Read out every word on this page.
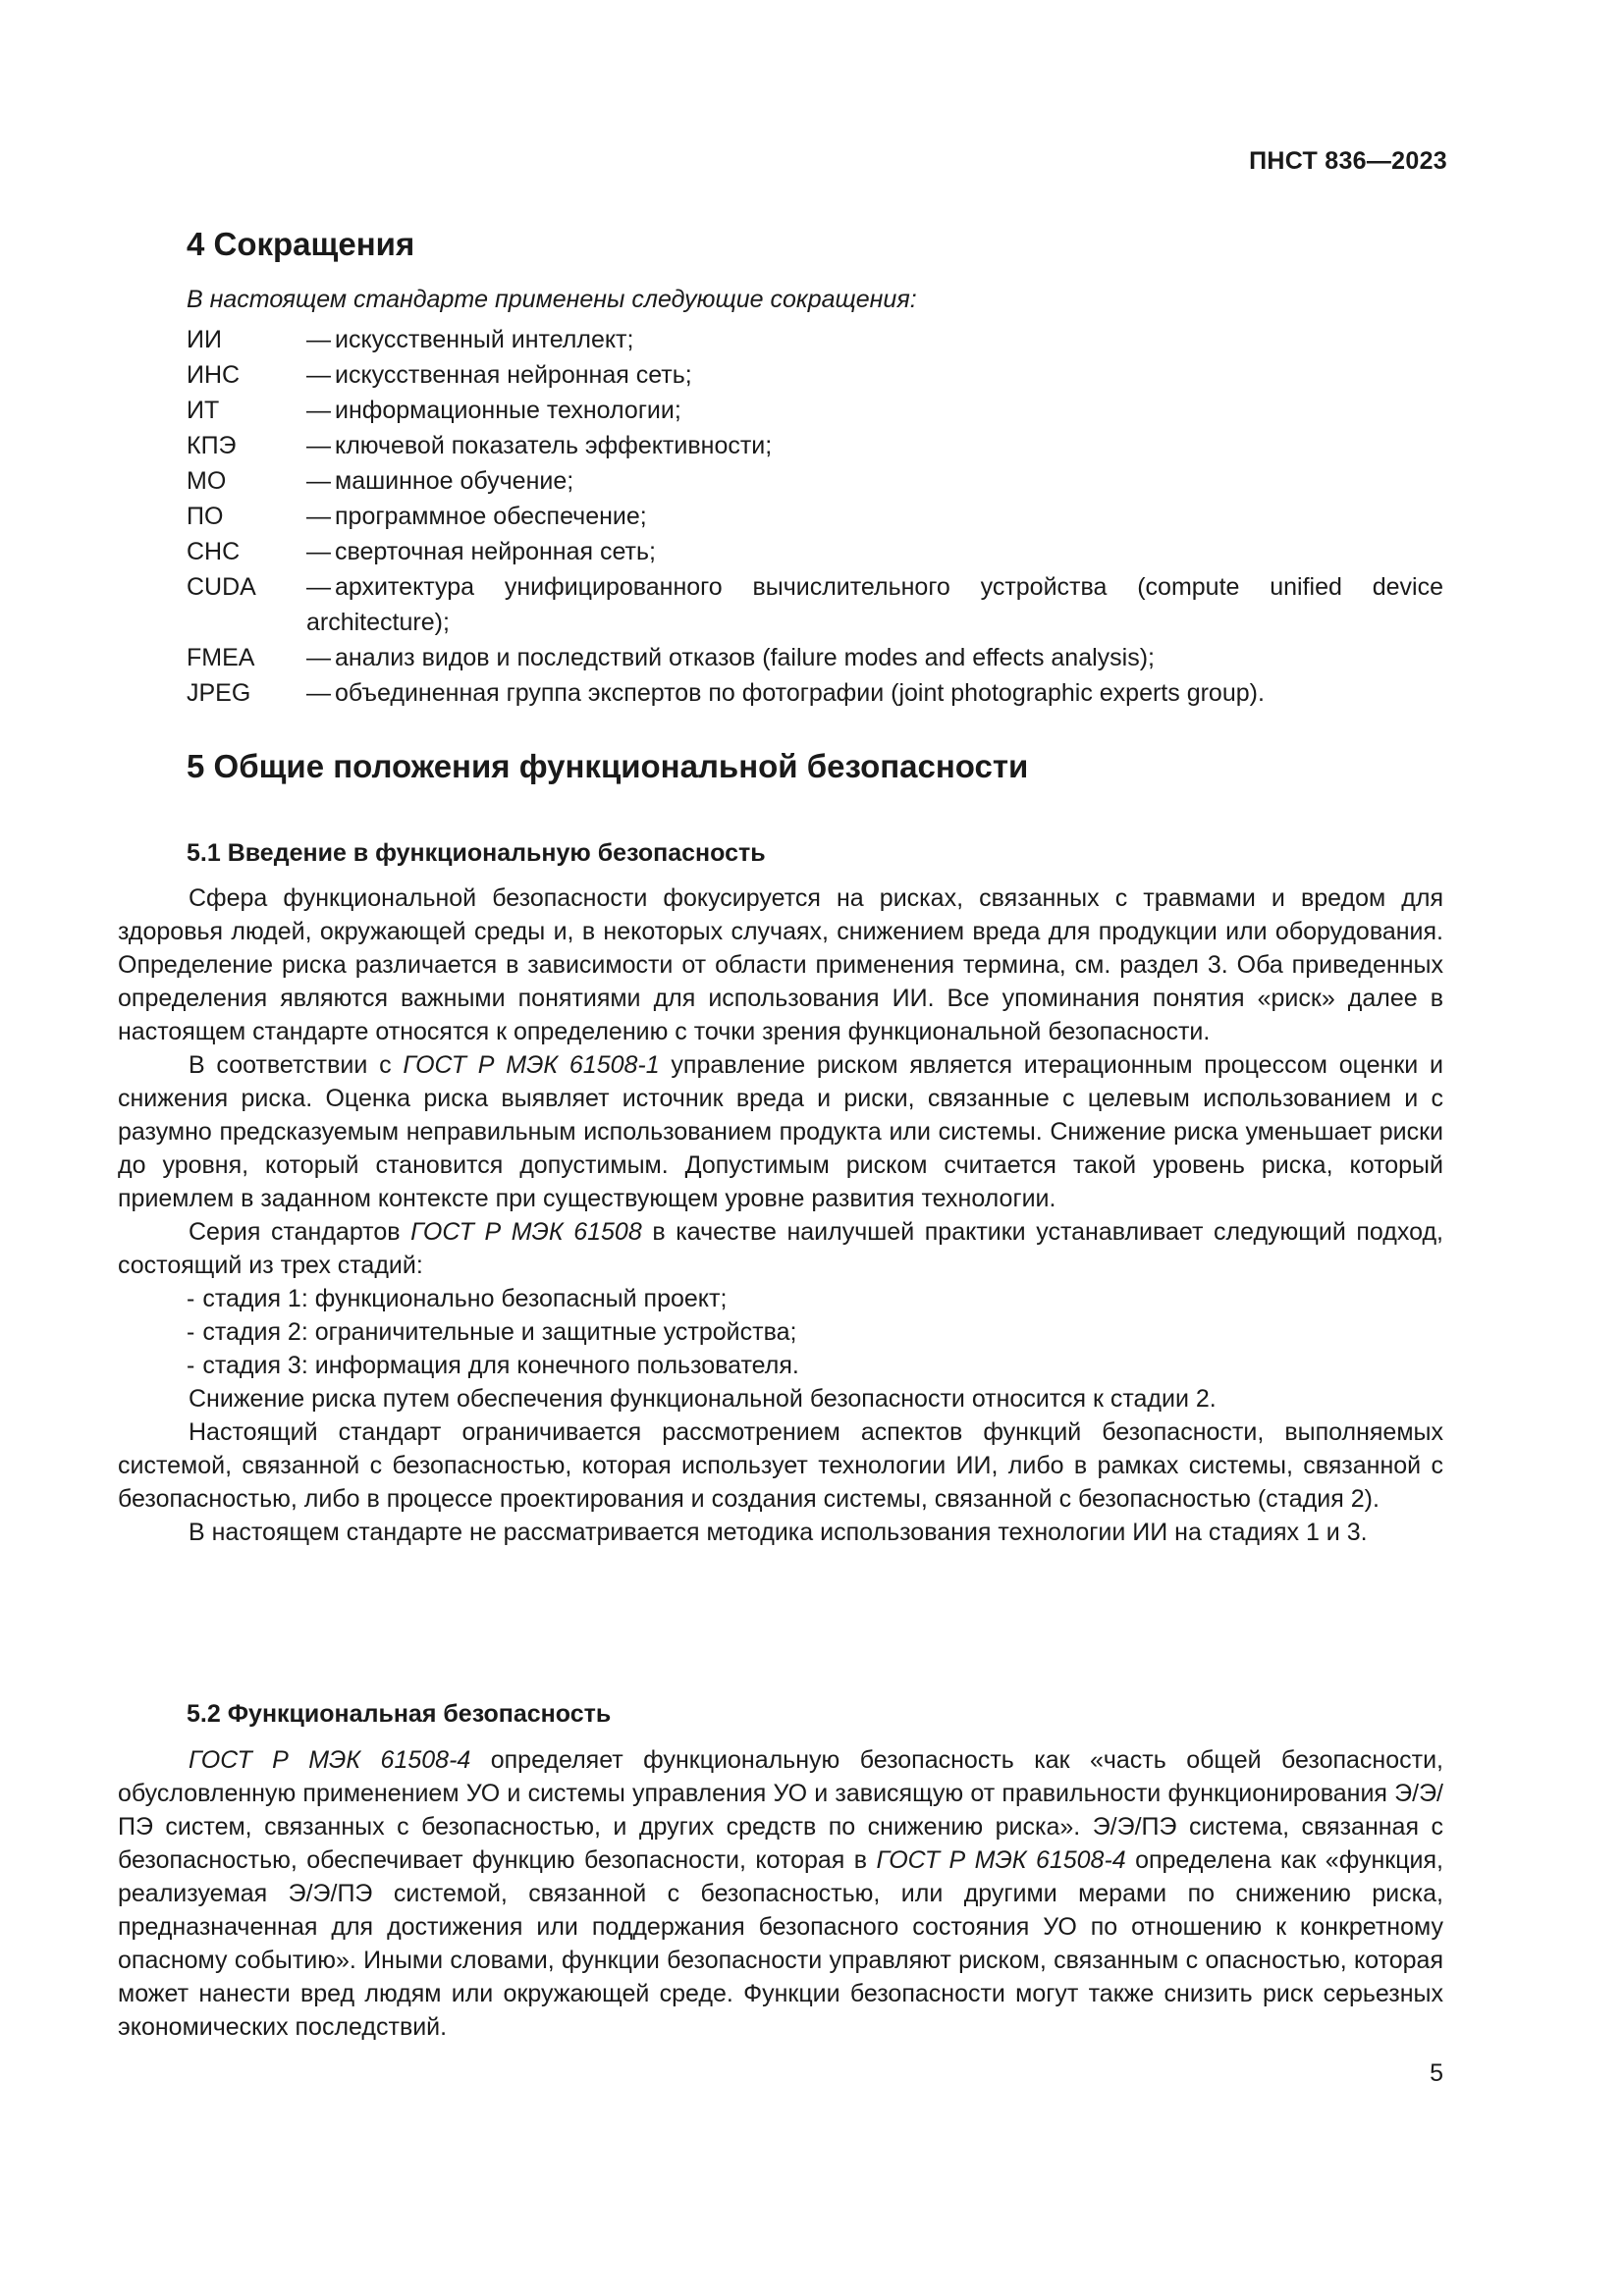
ПНСТ 836—2023
4 Сокращения

В настоящем стандарте применены следующие сокращения:

ИИ	— искусственный интеллект;
ИНС	— искусственная нейронная сеть;
ИТ	— информационные технологии;
КПЭ	— ключевой показатель эффективности;
МО	— машинное обучение;
ПО	— программное обеспечение;
СНС	— сверточная нейронная сеть;
CUDA	— архитектура унифицированного вычислительного устройства (compute unified device architecture);
FMEA	— анализ видов и последствий отказов (failure modes and effects analysis);
JPEG	— объединенная группа экспертов по фотографии (joint photographic experts group).
5 Общие положения функциональной безопасности
5.1 Введение в функциональную безопасность

Сфера функциональной безопасности фокусируется на рисках, связанных с травмами и вредом для здоровья людей, окружающей среды и, в некоторых случаях, снижением вреда для продукции или оборудования. Определение риска различается в зависимости от области применения термина, см. раздел 3. Оба приведенных определения являются важными понятиями для использования ИИ. Все упоминания понятия «риск» далее в настоящем стандарте относятся к определению с точки зрения функциональной безопасности.

В соответствии с ГОСТ Р МЭК 61508-1 управление риском является итерационным процессом оценки и снижения риска. Оценка риска выявляет источник вреда и риски, связанные с целевым использованием и с разумно предсказуемым неправильным использованием продукта или системы. Снижение риска уменьшает риски до уровня, который становится допустимым. Допустимым риском считается такой уровень риска, который приемлем в заданном контексте при существующем уровне развития технологии.

Серия стандартов ГОСТ Р МЭК 61508 в качестве наилучшей практики устанавливает следующий подход, состоящий из трех стадий:

- стадия 1: функционально безопасный проект;

- стадия 2: ограничительные и защитные устройства;

- стадия 3: информация для конечного пользователя.

Снижение риска путем обеспечения функциональной безопасности относится к стадии 2.

Настоящий стандарт ограничивается рассмотрением аспектов функций безопасности, выполняемых системой, связанной с безопасностью, которая использует технологии ИИ, либо в рамках системы, связанной с безопасностью, либо в процессе проектирования и создания системы, связанной с безопасностью (стадия 2).

В настоящем стандарте не рассматривается методика использования технологии ИИ на стадиях 1 и 3.

5.2 Функциональная безопасность

ГОСТ Р МЭК 61508-4 определяет функциональную безопасность как «часть общей безопасности, обусловленную применением УО и системы управления УО и зависящую от правильности функционирования Э/Э/ПЭ систем, связанных с безопасностью, и других средств по снижению риска». Э/Э/ПЭ система, связанная с безопасностью, обеспечивает функцию безопасности, которая в ГОСТ Р МЭК 61508-4 определена как «функция, реализуемая Э/Э/ПЭ системой, связанной с безопасностью, или другими мерами по снижению риска, предназначенная для достижения или поддержания безопасного состояния УО по отношению к конкретному опасному событию». Иными словами, функции безопасности управляют риском, связанным с опасностью, которая может нанести вред людям или окружающей среде. Функции безопасности могут также снизить риск серьезных экономических последствий.

5
